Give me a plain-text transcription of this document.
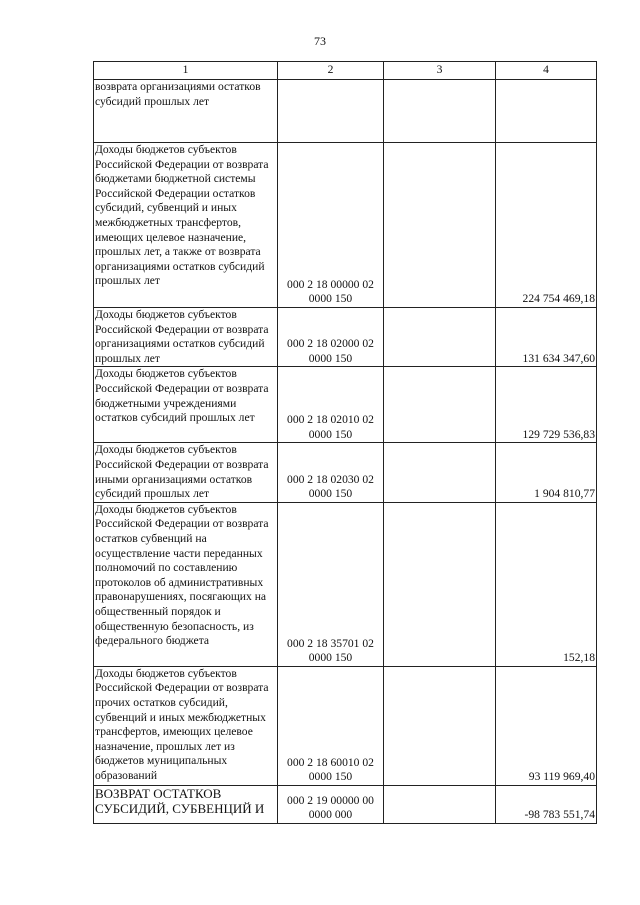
73
1	2	3	4
возврата организациями остатков субсидий прошлых лет			
Доходы бюджетов субъектов Российской Федерации от возврата бюджетами бюджетной системы Российской Федерации остатков субсидий, субвенций и иных межбюджетных трансфертов, имеющих целевое назначение, прошлых лет, а также от возврата организациями остатков субсидий прошлых лет	000 2 18 00000 02 0000 150		224 754 469,18
Доходы бюджетов субъектов Российской Федерации от возврата организациями остатков субсидий прошлых лет	000 2 18 02000 02 0000 150		131 634 347,60
Доходы бюджетов субъектов Российской Федерации от возврата бюджетными учреждениями остатков субсидий прошлых лет	000 2 18 02010 02 0000 150		129 729 536,83
Доходы бюджетов субъектов Российской Федерации от возврата иными организациями остатков субсидий прошлых лет	000 2 18 02030 02 0000 150		1 904 810,77
Доходы бюджетов субъектов Российской Федерации от возврата остатков субвенций на осуществление части переданных полномочий по составлению протоколов об административных правонарушениях, посягающих на общественный порядок и общественную безопасность, из федерального бюджета	000 2 18 35701 02 0000 150		152,18
Доходы бюджетов субъектов Российской Федерации от возврата прочих остатков субсидий, субвенций и иных межбюджетных трансфертов, имеющих целевое назначение, прошлых лет из бюджетов муниципальных образований	000 2 18 60010 02 0000 150		93 119 969,40
ВОЗВРАТ ОСТАТКОВ СУБСИДИЙ, СУБВЕНЦИЙ И	000 2 19 00000 00 0000 000		-98 783 551,74
